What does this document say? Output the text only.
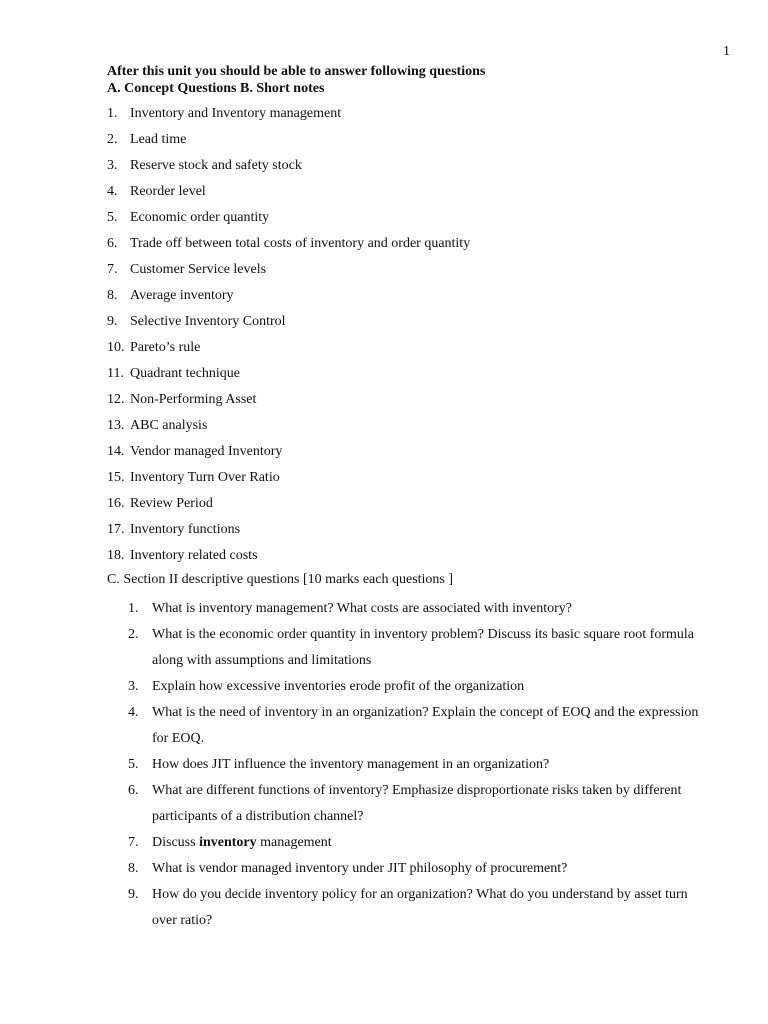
1
After this unit you should be able to answer following questions
A. Concept Questions B. Short notes
1. Inventory and Inventory management
2. Lead time
3. Reserve stock and safety stock
4. Reorder level
5. Economic order quantity
6. Trade off between total costs of inventory and order quantity
7. Customer Service levels
8. Average inventory
9. Selective Inventory Control
10. Pareto’s rule
11. Quadrant technique
12. Non-Performing Asset
13. ABC analysis
14. Vendor managed Inventory
15. Inventory Turn Over Ratio
16. Review Period
17. Inventory functions
18. Inventory related costs
C. Section II descriptive questions [10 marks each questions ]
1. What is inventory management? What costs are associated with inventory?
2. What is the economic order quantity in inventory problem? Discuss its basic square root formula along with assumptions and limitations
3. Explain how excessive inventories erode profit of the organization
4. What is the need of inventory in an organization? Explain the concept of EOQ and the expression for EOQ.
5. How does JIT influence the inventory management in an organization?
6. What are different functions of inventory? Emphasize disproportionate risks taken by different participants of a distribution channel?
7. Discuss inventory management
8. What is vendor managed inventory under JIT philosophy of procurement?
9. How do you decide inventory policy for an organization? What do you understand by asset turn over ratio?
